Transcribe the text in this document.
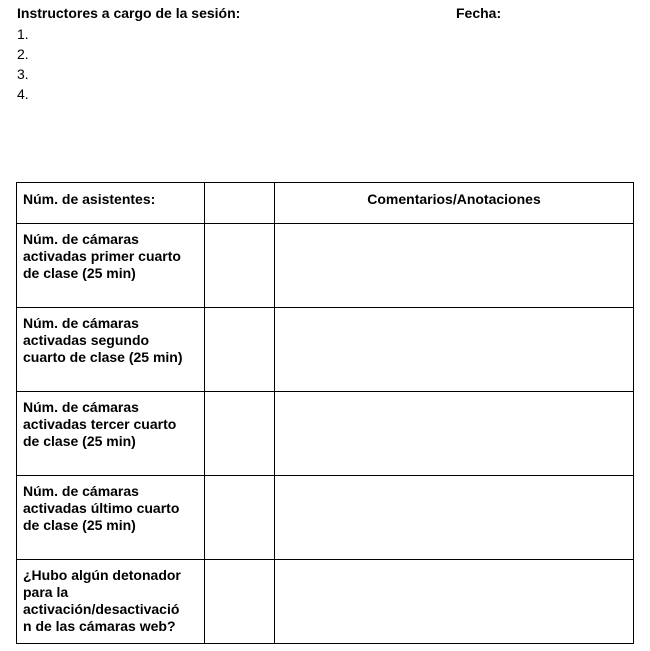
Instructores a cargo de la sesión:	Fecha:
1.
2.
3.
4.
Núm. de asistentes:		Comentarios/Anotaciones

Núm. de cámaras
activadas primer cuarto
de clase (25 min)		

Núm. de cámaras
activadas segundo
cuarto de clase (25 min)		

Núm. de cámaras
activadas tercer cuarto
de clase (25 min)		

Núm. de cámaras
activadas último cuarto
de clase (25 min)		

¿Hubo algún detonador
para la
activación/desactivació
n de las cámaras web?		
